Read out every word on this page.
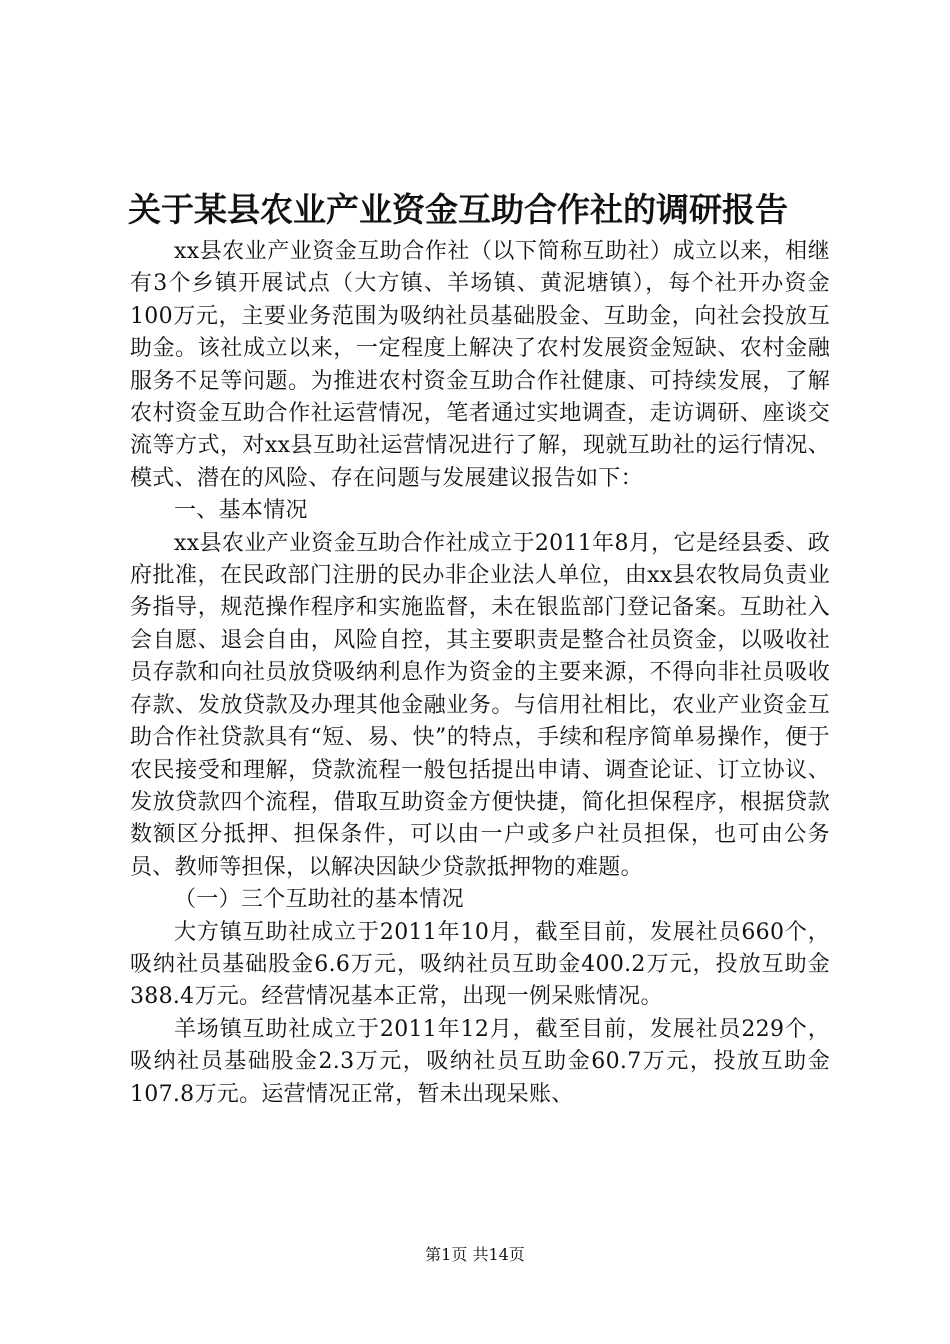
关于某县农业产业资金互助合作社的调研报告

xx县农业产业资金互助合作社（以下简称互助社）成立以来，相继有3个乡镇开展试点（大方镇、羊场镇、黄泥塘镇），每个社开办资金100万元，主要业务范围为吸纳社员基础股金、互助金，向社会投放互助金。该社成立以来，一定程度上解决了农村发展资金短缺、农村金融服务不足等问题。为推进农村资金互助合作社健康、可持续发展，了解农村资金互助合作社运营情况，笔者通过实地调查，走访调研、座谈交流等方式，对xx县互助社运营情况进行了解，现就互助社的运行情况、模式、潜在的风险、存在问题与发展建议报告如下：

一、基本情况

xx县农业产业资金互助合作社成立于2011年8月，它是经县委、政府批准，在民政部门注册的民办非企业法人单位，由xx县农牧局负责业务指导，规范操作程序和实施监督，未在银监部门登记备案。互助社入会自愿、退会自由，风险自控，其主要职责是整合社员资金，以吸收社员存款和向社员放贷吸纳利息作为资金的主要来源，不得向非社员吸收存款、发放贷款及办理其他金融业务。与信用社相比，农业产业资金互助合作社贷款具有“短、易、快”的特点，手续和程序简单易操作，便于农民接受和理解，贷款流程一般包括提出申请、调查论证、订立协议、发放贷款四个流程，借取互助资金方便快捷，简化担保程序，根据贷款数额区分抵押、担保条件，可以由一户或多户社员担保，也可由公务员、教师等担保，以解决因缺少贷款抵押物的难题。

（一）三个互助社的基本情况

大方镇互助社成立于2011年10月，截至目前，发展社员660个，吸纳社员基础股金6.6万元，吸纳社员互助金400.2万元，投放互助金388.4万元。经营情况基本正常，出现一例呆账情况。

羊场镇互助社成立于2011年12月，截至目前，发展社员229个，吸纳社员基础股金2.3万元，吸纳社员互助金60.7万元，投放互助金107.8万元。运营情况正常，暂未出现呆账、

第1页 共14页
